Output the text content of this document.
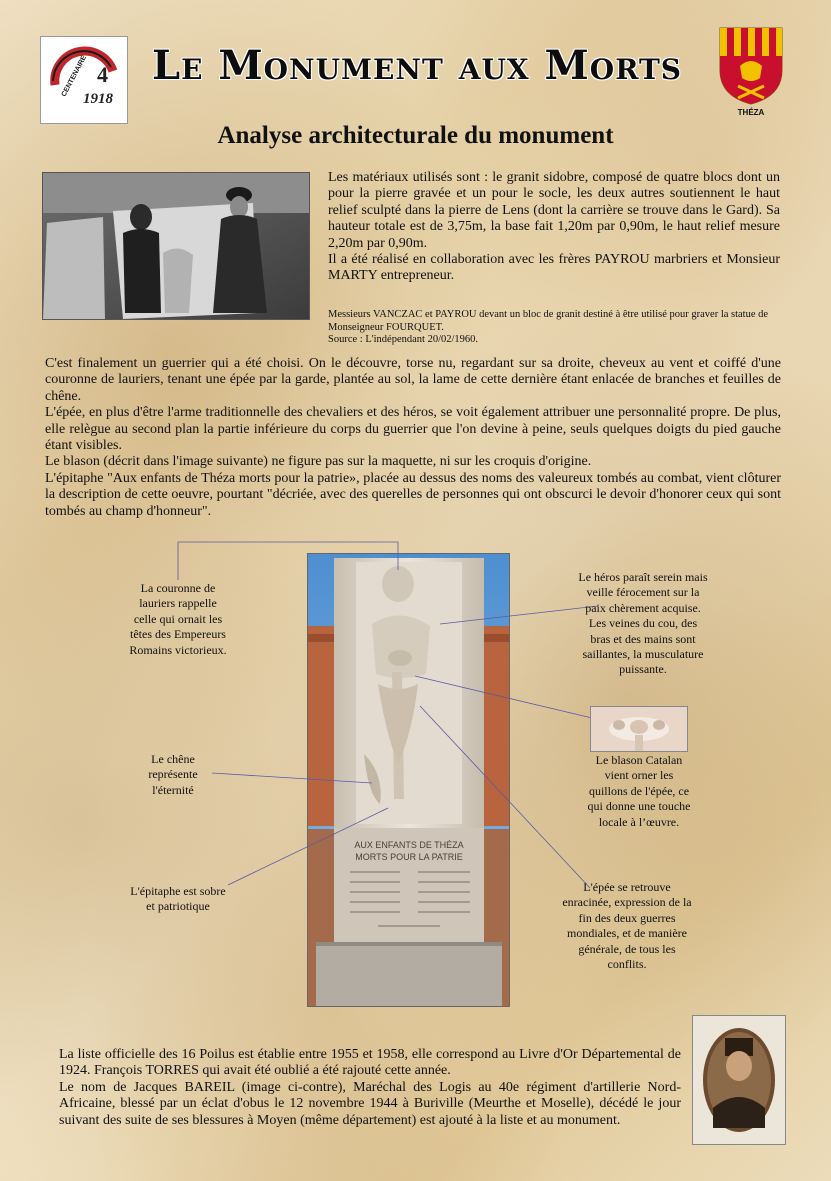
CENTENAIRE 4
1918
Le Monument aux Morts
THÉZA
Analyse architecturale du monument

Les matériaux utilisés sont : le granit sidobre, composé de quatre blocs dont un pour la pierre gravée et un pour le socle, les deux autres soutiennent le haut relief sculpté dans la pierre de Lens (dont la carrière se trouve dans le Gard). Sa hauteur totale est de 3,75m, la base fait 1,20m par 0,90m, le haut relief mesure 2,20m par 0,90m.

Il a été réalisé en collaboration avec les frères PAYROU marbriers et Monsieur MARTY entrepreneur.

Messieurs VANCZAC et PAYROU devant un bloc de granit destiné à être utilisé pour graver la statue de Monseigneur FOURQUET.
Source : L'indépendant 20/02/1960.

C'est finalement un guerrier qui a été choisi. On le découvre, torse nu, regardant sur sa droite, cheveux au vent et coiffé d'une couronne de lauriers, tenant une épée par la garde, plantée au sol, la lame de cette dernière étant enlacée de branches et feuilles de chêne.

L'épée, en plus d'être l'arme traditionnelle des chevaliers et des héros, se voit également attribuer une personnalité propre. De plus, elle relègue au second plan la partie inférieure du corps du guerrier que l'on devine à peine, seuls quelques doigts du pied gauche étant visibles.

Le blason (décrit dans l'image suivante) ne figure pas sur la maquette, ni sur les croquis d'origine.

L'épitaphe "Aux enfants de Théza morts pour la patrie», placée au dessus des noms des valeureux tombés au combat, vient clôturer la description de cette oeuvre, pourtant "décriée, avec des querelles de personnes qui ont obscurci le devoir d'honorer ceux qui sont tombés au champ d'honneur".

AUX ENFANTS DE THÉZA
MORTS POUR LA PATRIE

La couronne de lauriers rappelle celle qui ornait les têtes des Empereurs Romains victorieux.

Le chêne représente l'éternité

L'épitaphe est sobre et patriotique

Le héros paraît serein mais veille férocement sur la paix chèrement acquise. Les veines du cou, des bras et des mains sont saillantes, la musculature puissante.

Le blason Catalan vient orner les quillons de l'épée, ce qui donne une touche locale à l’œuvre.

L'épée se retrouve enracinée, expression de la fin des deux guerres mondiales, et de manière générale, de tous les conflits.

La liste officielle des 16 Poilus est établie entre 1955 et 1958, elle correspond au Livre d'Or Départemental de 1924. François TORRES qui avait été oublié a été rajouté cette année.

Le nom de Jacques BAREIL (image ci-contre), Maréchal des Logis au 40e régiment d'artillerie Nord-Africaine, blessé par un éclat d'obus le 12 novembre 1944 à Buriville (Meurthe et Moselle), décédé le jour suivant des suite de ses blessures à Moyen (même département) est ajouté à la liste et au monument.
